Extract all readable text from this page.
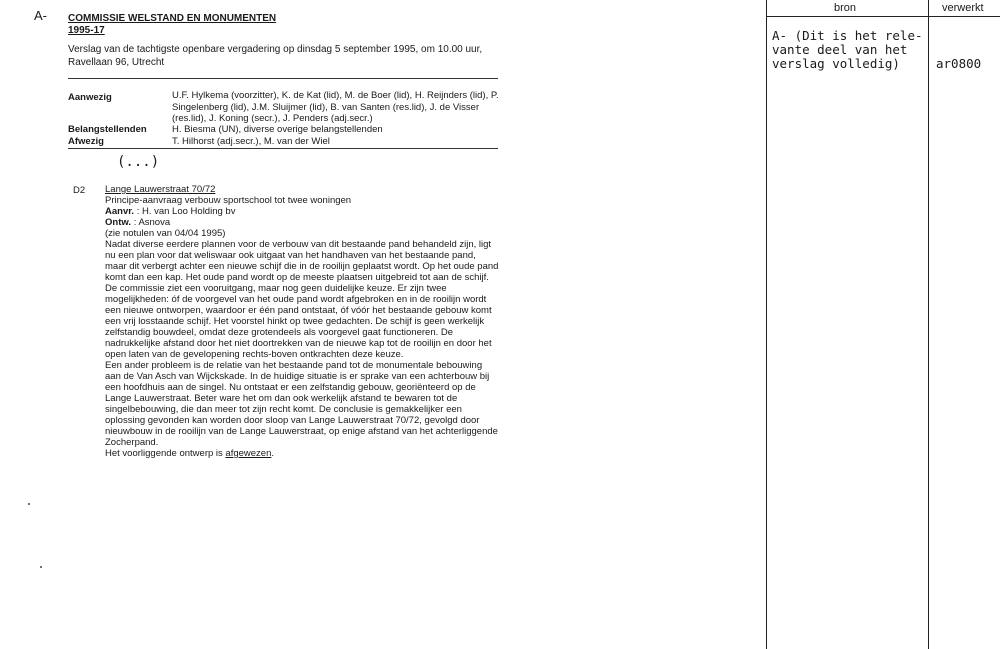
A- COMMISSIE WELSTAND EN MONUMENTEN
1995-17
Verslag van de tachtigste openbare vergadering op dinsdag 5 september 1995, om 10.00 uur,
Ravellaan 96, Utrecht
Aanwezig	U.F. Hylkema (voorzitter), K. de Kat (lid), M. de Boer (lid), H. Reijnders (lid), P. Singelenberg (lid), J.M. Sluijmer (lid), B. van Santen (res.lid), J. de Visser (res.lid), J. Koning (secr.), J. Penders (adj.secr.)
Belangstellenden	H. Biesma (UN), diverse overige belangstellenden
Afwezig	T. Hilhorst (adj.secr.), M. van der Wiel
(...)
D2 Lange Lauwerstraat 70/72

Principe-aanvraag verbouw sportschool tot twee woningen

Aanvr. : H. van Loo Holding bv

Ontw. : Asnova

(zie notulen van 04/04 1995)

Nadat diverse eerdere plannen voor de verbouw van dit bestaande pand behandeld zijn, ligt nu een plan voor dat weliswaar ook uitgaat van het handhaven van het bestaande pand, maar dit verbergt achter een nieuwe schijf die in de rooilijn geplaatst wordt. Op het oude pand komt dan een kap. Het oude pand wordt op de meeste plaatsen uitgebreid tot aan de schijf.

De commissie ziet een vooruitgang, maar nog geen duidelijke keuze. Er zijn twee mogelijkheden: óf de voorgevel van het oude pand wordt afgebroken en in de rooilijn wordt een nieuwe ontworpen, waardoor er één pand ontstaat, óf vóór het bestaande gebouw komt een vrij losstaande schijf. Het voorstel hinkt op twee gedachten. De schijf is geen werkelijk zelfstandig bouwdeel, omdat deze grotendeels als voorgevel gaat functioneren. De nadrukkelijke afstand door het niet doortrekken van de nieuwe kap tot de rooilijn en door het open laten van de gevelopening rechts-boven ontkrachten deze keuze.

Een ander probleem is de relatie van het bestaande pand tot de monumentale bebouwing aan de Van Asch van Wijckskade. In de huidige situatie is er sprake van een achterbouw bij een hoofdhuis aan de singel. Nu ontstaat er een zelfstandig gebouw, georiënteerd op de Lange Lauwerstraat. Beter ware het om dan ook werkelijk afstand te bewaren tot de singelbebouwing, die dan meer tot zijn recht komt. De conclusie is gemakkelijker een oplossing gevonden kan worden door sloop van Lange Lauwerstraat 70/72, gevolgd door nieuwbouw in de rooilijn van de Lange Lauwerstraat, op enige afstand van het achterliggende Zocherpand.

Het voorliggende ontwerp is afgewezen.

bron	verwerkt
A- (Dit is het rele-
vante deel van het
verslag volledig)	ar0800
